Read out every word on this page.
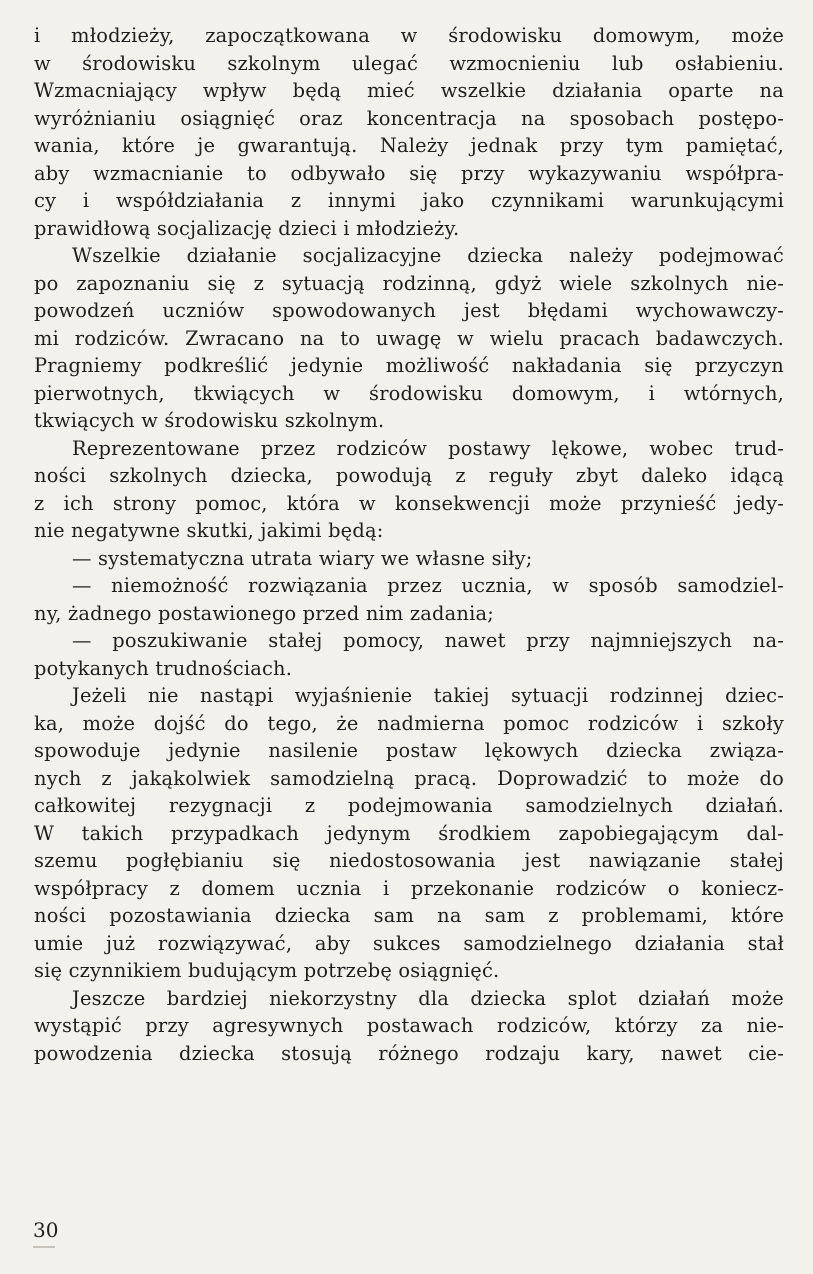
i młodzieży, zapoczątkowana w środowisku domowym, może
w środowisku szkolnym ulegać wzmocnieniu lub osłabieniu.
Wzmacniający wpływ będą mieć wszelkie działania oparte na
wyróżnianiu osiągnięć oraz koncentracja na sposobach postępo-
wania, które je gwarantują. Należy jednak przy tym pamiętać,
aby wzmacnianie to odbywało się przy wykazywaniu współpra-
cy i współdziałania z innymi jako czynnikami warunkującymi
prawidłową socjalizację dzieci i młodzieży.
Wszelkie działanie socjalizacyjne dziecka należy podejmować
po zapoznaniu się z sytuacją rodzinną, gdyż wiele szkolnych nie-
powodzeń uczniów spowodowanych jest błędami wychowawczy-
mi rodziców. Zwracano na to uwagę w wielu pracach badawczych.
Pragniemy podkreślić jedynie możliwość nakładania się przyczyn
pierwotnych, tkwiących w środowisku domowym, i wtórnych,
tkwiących w środowisku szkolnym.
Reprezentowane przez rodziców postawy lękowe, wobec trud-
ności szkolnych dziecka, powodują z reguły zbyt daleko idącą
z ich strony pomoc, która w konsekwencji może przynieść jedy-
nie negatywne skutki, jakimi będą:
— systematyczna utrata wiary we własne siły;
— niemożność rozwiązania przez ucznia, w sposób samodziel-
ny, żadnego postawionego przed nim zadania;
— poszukiwanie stałej pomocy, nawet przy najmniejszych na-
potykanych trudnościach.
Jeżeli nie nastąpi wyjaśnienie takiej sytuacji rodzinnej dziec-
ka, może dojść do tego, że nadmierna pomoc rodziców i szkoły
spowoduje jedynie nasilenie postaw lękowych dziecka związa-
nych z jakąkolwiek samodzielną pracą. Doprowadzić to może do
całkowitej rezygnacji z podejmowania samodzielnych działań.
W takich przypadkach jedynym środkiem zapobiegającym dal-
szemu pogłębianiu się niedostosowania jest nawiązanie stałej
współpracy z domem ucznia i przekonanie rodziców o koniecz-
ności pozostawiania dziecka sam na sam z problemami, które
umie już rozwiązywać, aby sukces samodzielnego działania stał
się czynnikiem budującym potrzebę osiągnięć.
Jeszcze bardziej niekorzystny dla dziecka splot działań może
wystąpić przy agresywnych postawach rodziców, którzy za nie-
powodzenia dziecka stosują różnego rodzaju kary, nawet cie-
30
